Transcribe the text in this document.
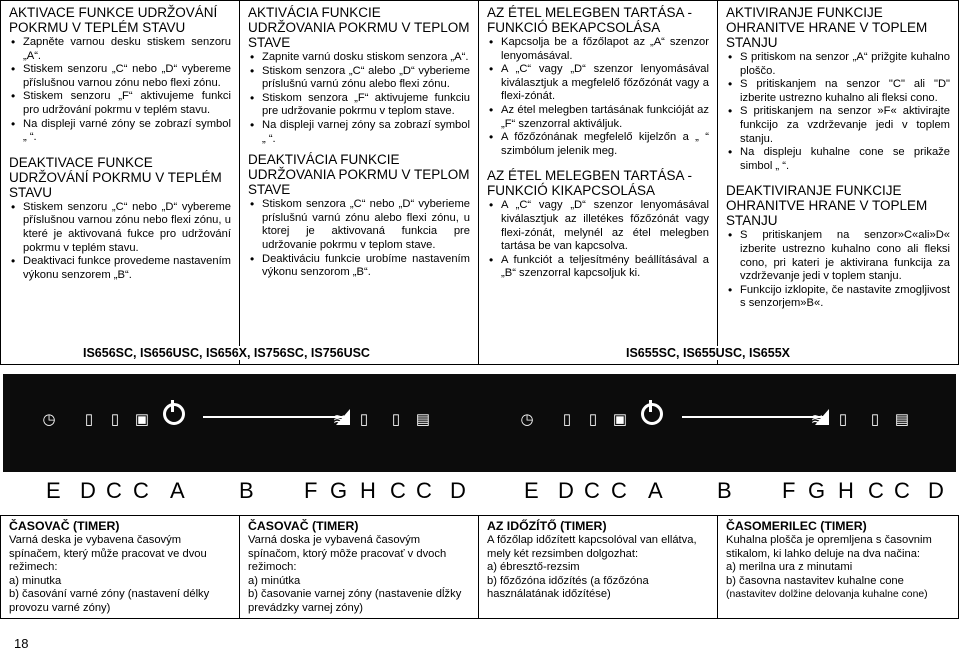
AKTIVACE FUNKCE UDRŽOVÁNÍ POKRMU V TEPLÉM STAVU
• Zapněte varnou desku stiskem senzoru „A“.
• Stiskem senzoru „C“ nebo „D“ vybereme příslušnou varnou zónu nebo flexi zónu.
• Stiskem senzoru „F“ aktivujeme funkci pro udržování pokrmu v teplém stavu.
• Na displeji varné zóny se zobrazí symbol „ “.
DEAKTIVACE FUNKCE UDRŽOVÁNÍ POKRMU V TEPLÉM STAVU
• Stiskem senzoru „C“ nebo „D“ vybereme příslušnou varnou zónu nebo flexi zónu, u které je aktivovaná fukce pro udržování pokrmu v teplém stavu.
• Deaktivaci funkce provedeme nastavením výkonu senzorem „B“.
AKTIVÁCIA FUNKCIE UDRŽOVANIA POKRMU V TEPLOM STAVE
• Zapnite varnú dosku stiskom senzora „A“.
• Stiskom senzora „C“ alebo „D“ vyberieme príslušnú varnú zónu alebo flexi zónu.
• Stiskom senzora „F“ aktivujeme funkciu pre udržovanie pokrmu v teplom stave.
• Na displeji varnej zóny sa zobrazí symbol „ “.
DEAKTIVÁCIA FUNKCIE UDRŽOVANIA POKRMU V TEPLOM STAVE
• Stiskom senzora „C“ nebo „D“ vyberieme príslušnú varnú zónu alebo flexi zónu, u ktorej je aktivovaná funkcia pre udržovanie pokrmu v teplom stave.
• Deaktiváciu funkcie urobíme nastavením výkonu senzorom „B“.
AZ ÉTEL MELEGBEN TARTÁSA - FUNKCIÓ BEKAPCSOLÁSA
• Kapcsolja be a főzőlapot az „A“ szenzor lenyomásával.
• A „C“ vagy „D“ szenzor lenyomásával kiválasztjuk a megfelelő főzőzónát vagy a flexi-zónát.
• Az étel melegben tartásának funkcióját az „F“ szenzorral aktiváljuk.
• A főzőzónának megfelelő kijelzőn a „ “ szimbólum jelenik meg.
AZ ÉTEL MELEGBEN TARTÁSA - FUNKCIÓ KIKAPCSOLÁSA
• A „C“ vagy „D“ szenzor lenyomásával kiválasztjuk az illetékes főzőzónát vagy flexi-zónát, melynél az étel melegben tartása be van kapcsolva.
• A funkciót a teljesítmény beállításával a „B“ szenzorral kapcsoljuk ki.
AKTIVIRANJE FUNKCIJE OHRANITVE HRANE V TOPLEM STANJU
• S pritiskom na senzor „A“ prižgite kuhalno ploščo.
• S pritiskanjem na senzor "C" ali "D" izberite ustrezno kuhalno ali fleksi cono.
• S pritiskanjem na senzor »F« aktivirajte funkcijo za vzdrževanje jedi v toplem stanju.
• Na displeju kuhalne cone se prikaže simbol „ “.
DEAKTIVIRANJE FUNKCIJE OHRANITVE HRANE V TOPLEM STANJU
• S pritiskanjem na senzor»C«ali»D« izberite ustrezno kuhalno cono ali fleksi cono, pri kateri je aktivirana funkcija za vzdrževanje jedi v toplem stanju.
• Funkcijo izklopite, če nastavite zmogljivost s senzorjem»B«.
IS656SC, IS656USC, IS656X, IS756SC, IS756USC	IS655SC, IS655USC, IS655X
◷ ▯ ▯ ▣	≋ ▯ ▯ ▤	◷ ▯ ▯ ▣	≋ ▯ ▯ ▤
E D C C A B F G H C C D	E D C C A B F G H C C D
ČASOVAČ (TIMER)
Varná deska je vybavena časovým spínačem, který může pracovat ve dvou režimech:
a) minutka
b) časování varné zóny (nastavení délky provozu varné zóny)
ČASOVAČ (TIMER)
Varná doska je vybavená časovým spínačom, ktorý môže pracovať v dvoch režimoch:
a) minútka
b) časovanie varnej zóny (nastavenie dĺžky prevádzky varnej zóny)
AZ IDŐZÍTŐ (TIMER)
A főzőlap időzített kapcsolóval van ellátva, mely két rezsimben dolgozhat:
a) ébresztő-rezsim
b) főzőzóna időzítés (a főzőzóna használatának időzítése)
ČASOMERILEC (TIMER)
Kuhalna plošča je opremljena s časovnim stikalom, ki lahko deluje na dva načina:
a) merilna ura z minutami
b) časovna nastavitev kuhalne cone
(nastavitev dolžine delovanja kuhalne cone)
18
